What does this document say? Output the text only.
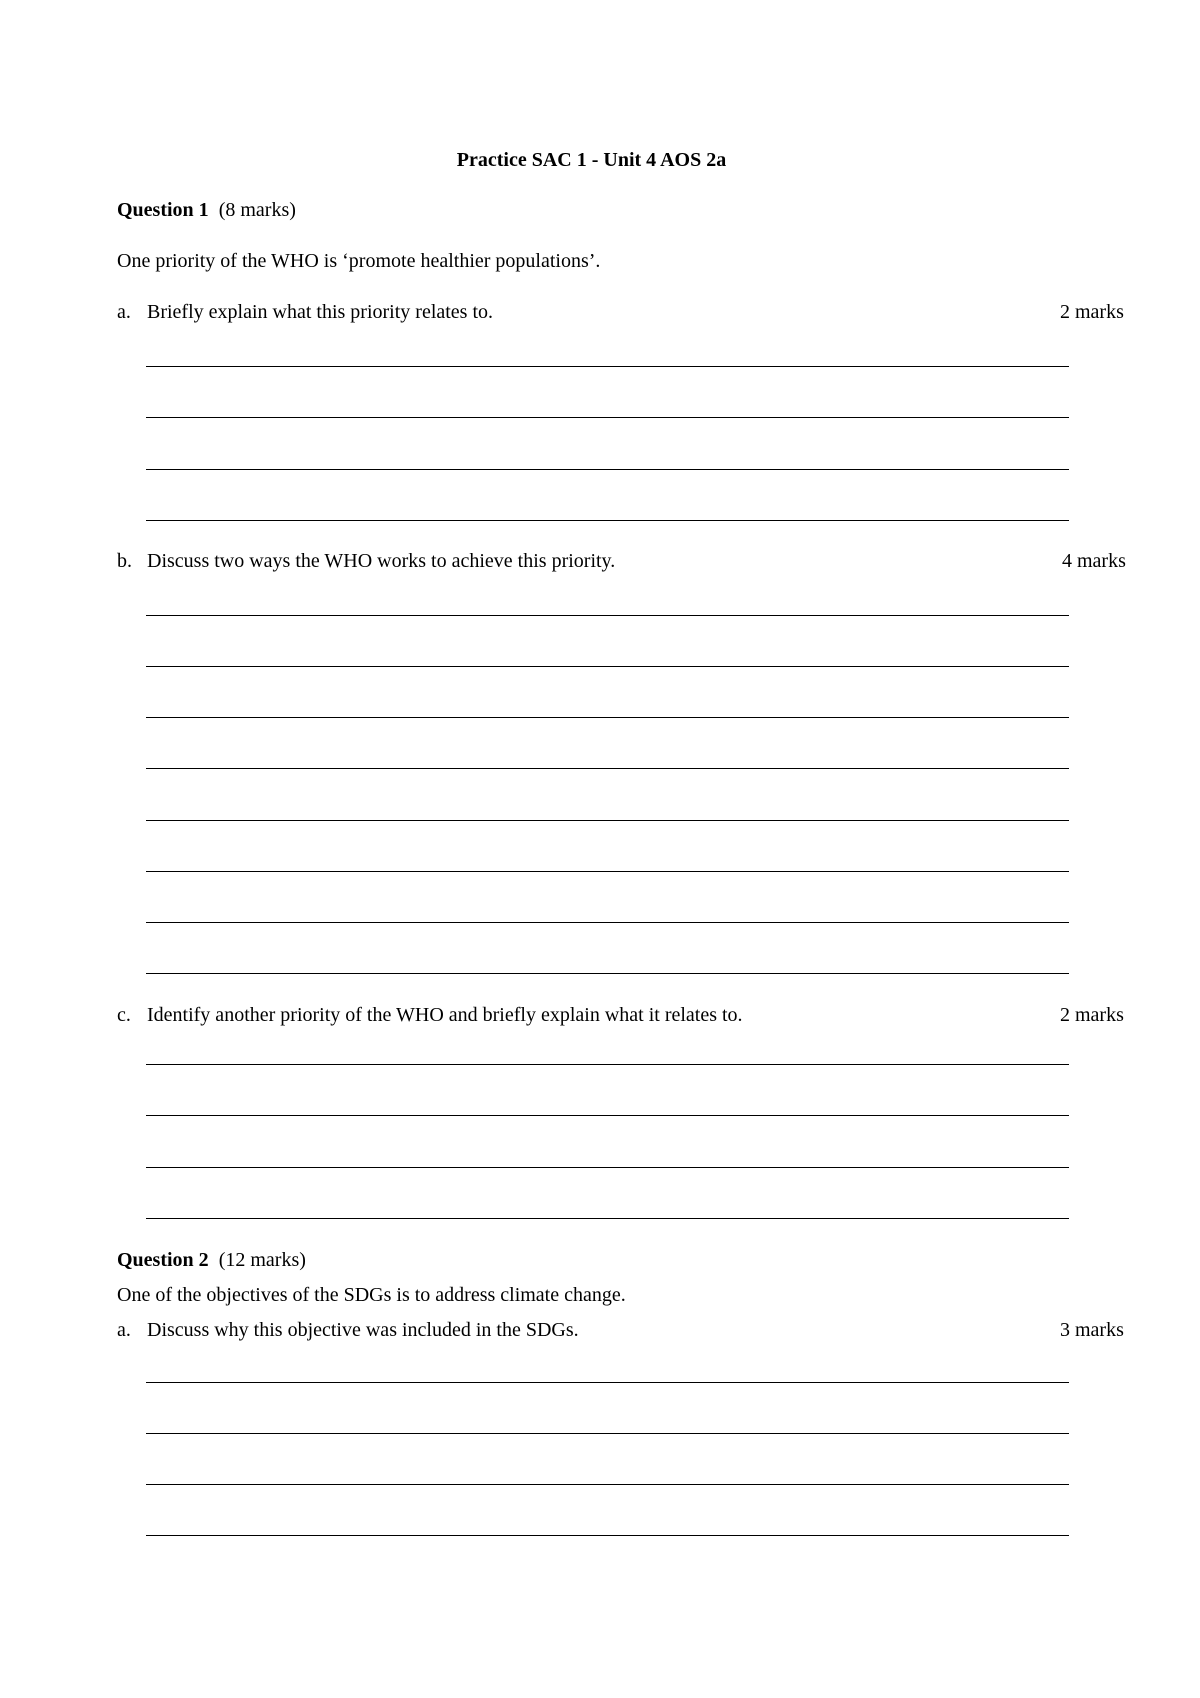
Practice SAC 1 - Unit 4 AOS 2a
Question 1 (8 marks)
One priority of the WHO is ‘promote healthier populations’.
a. Briefly explain what this priority relates to.	2 marks
b. Discuss two ways the WHO works to achieve this priority.	4 marks
c. Identify another priority of the WHO and briefly explain what it relates to.	2 marks
Question 2 (12 marks)
One of the objectives of the SDGs is to address climate change.
a. Discuss why this objective was included in the SDGs.	3 marks
